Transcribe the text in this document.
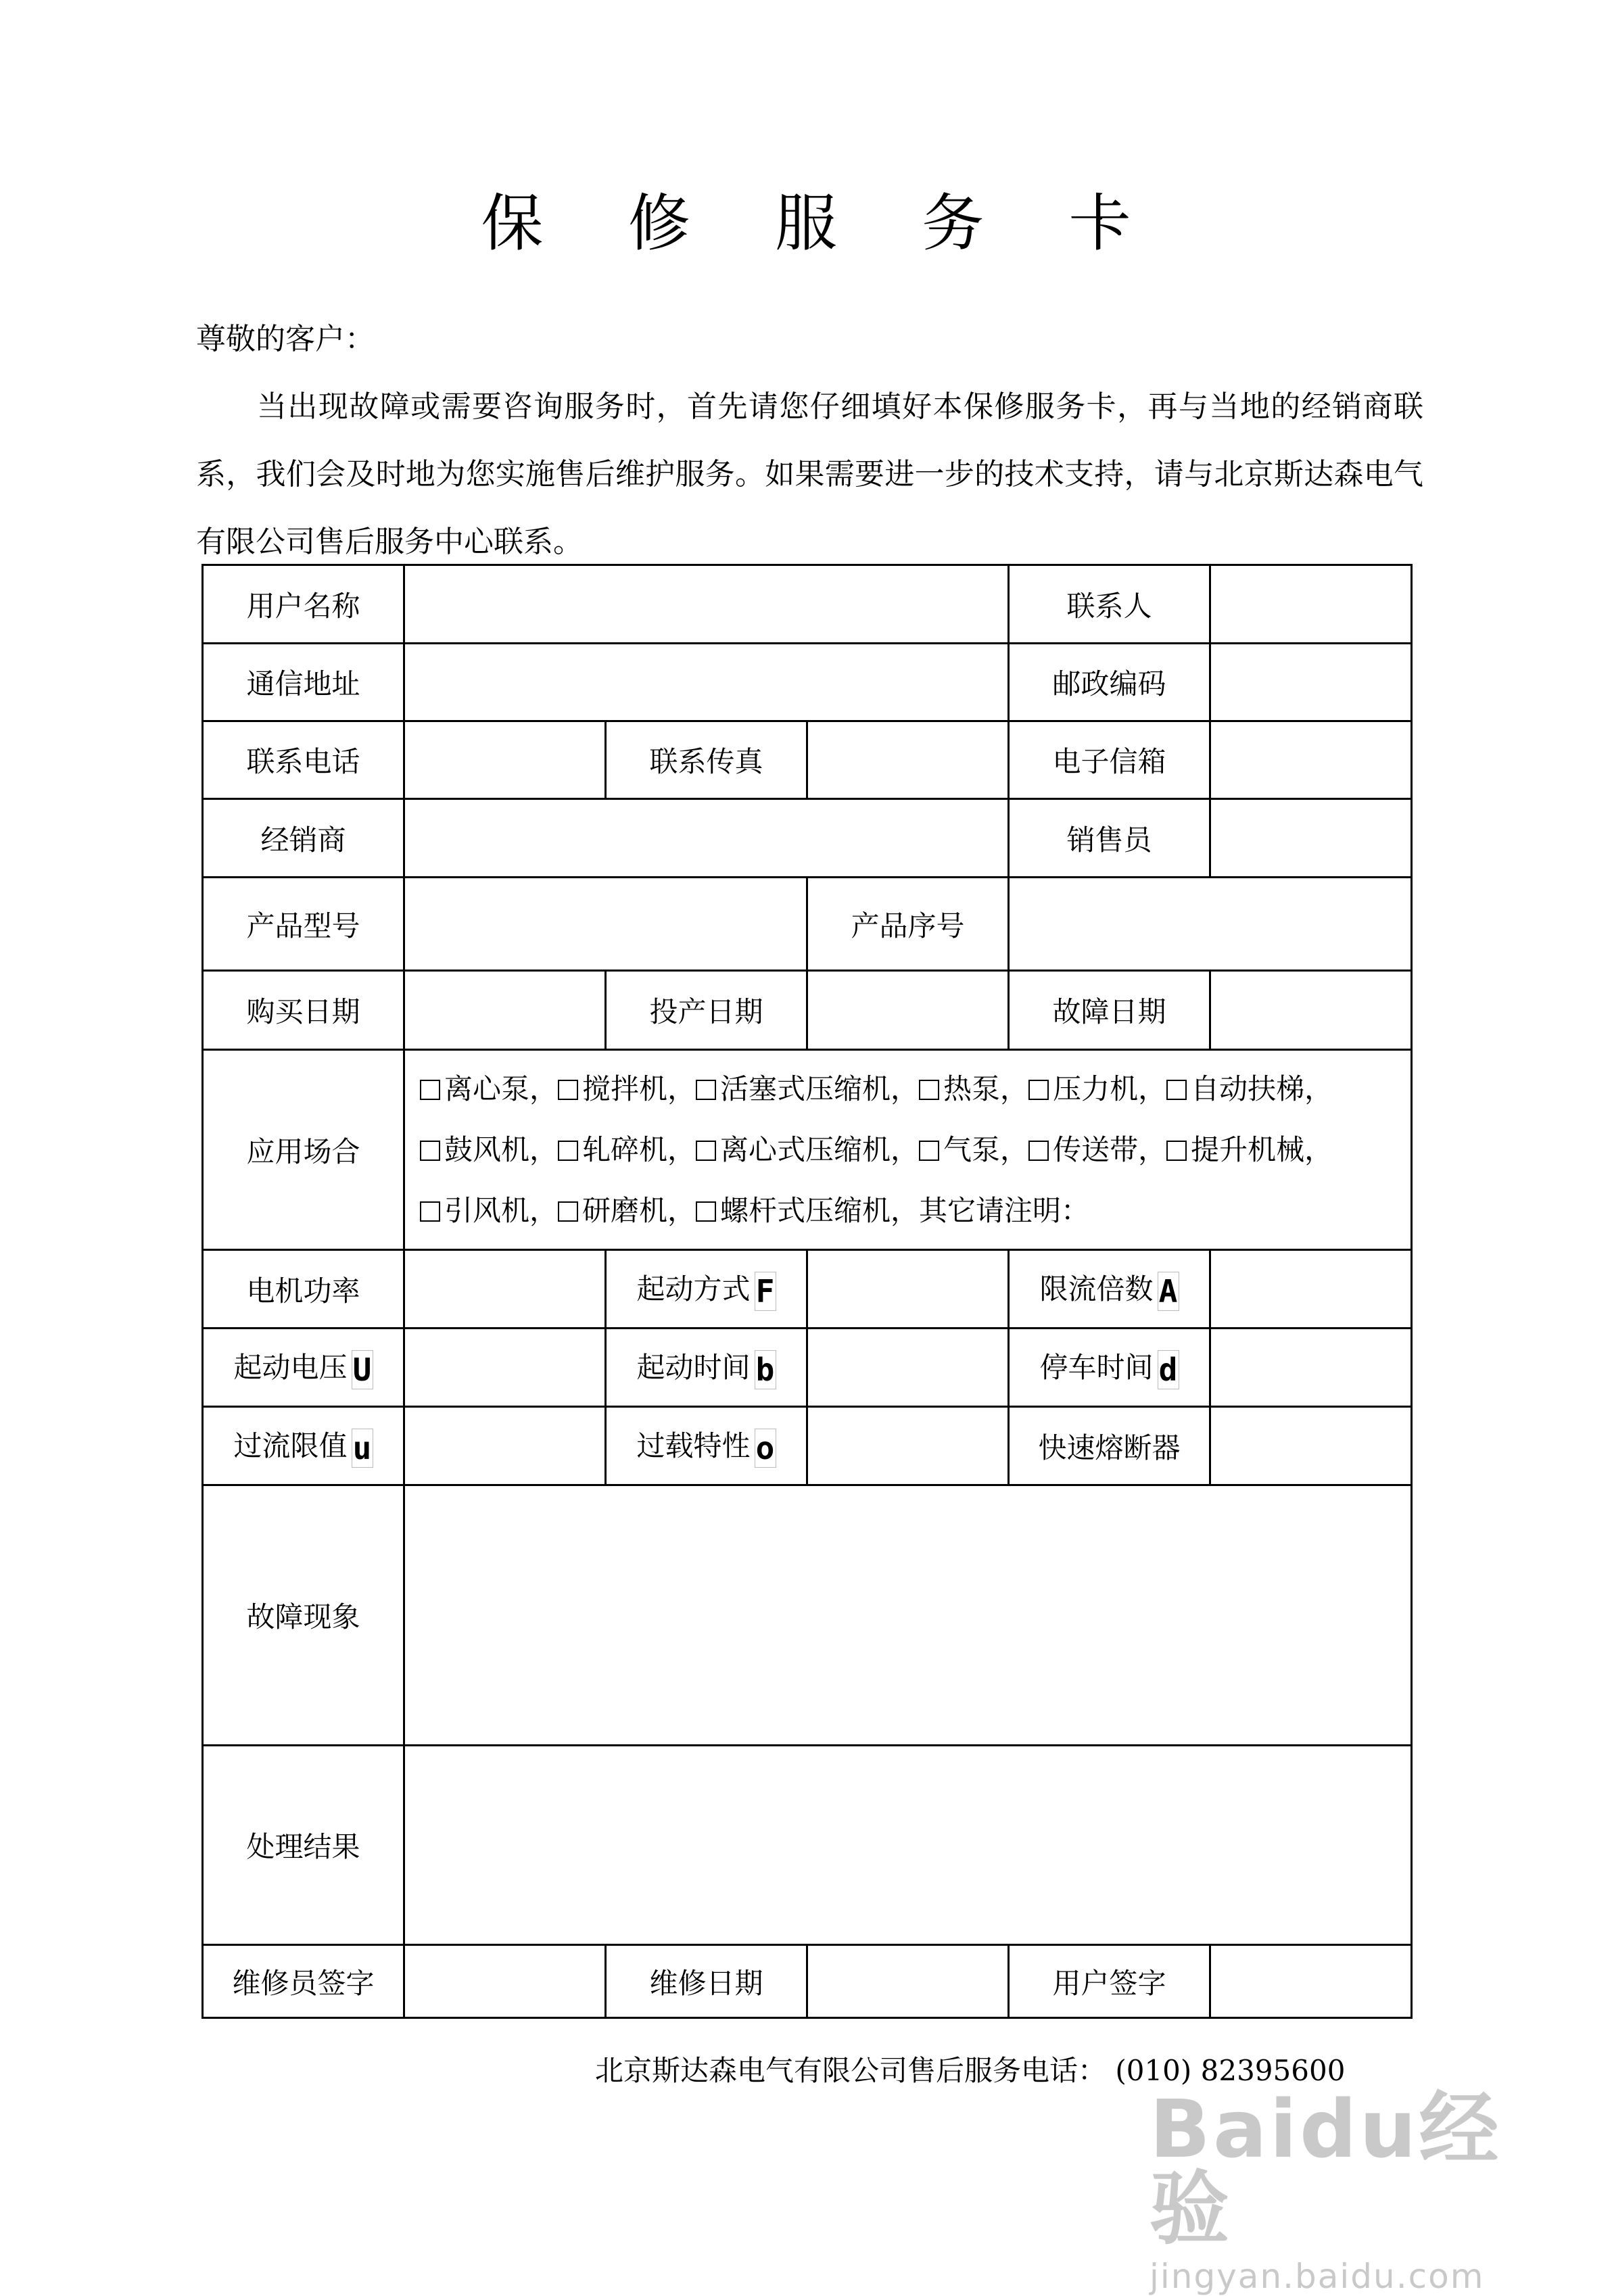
保 修 服 务 卡
尊敬的客户：
当出现故障或需要咨询服务时，首先请您仔细填好本保修服务卡，再与当地的经销商联系，我们会及时地为您实施售后维护服务。如果需要进一步的技术支持，请与北京斯达森电气有限公司售后服务中心联系。
用户名称				联系人	
通信地址				邮政编码	
联系电话		联系传真		电子信箱	
经销商				销售员	
产品型号			产品序号		
购买日期		投产日期		故障日期	
应用场合	离心泵， 搅拌机， 活塞式压缩机， 热泵， 压力机， 自动扶梯，
鼓风机， 轧碎机， 离心式压缩机， 气泵， 传送带， 提升机械，
引风机， 研磨机， 螺杆式压缩机，其它请注明：				

电机功率		起动方式 F		限流倍数 A	
起动电压 U		起动时间 b		停车时间 d	
过流限值 u		过载特性 o		快速熔断器	
故障现象					
处理结果					
维修员签字		维修日期		用户签字	
北京斯达森电气有限公司售后服务电话： (010) 82395600
Baidu经验
jingyan.baidu.com
